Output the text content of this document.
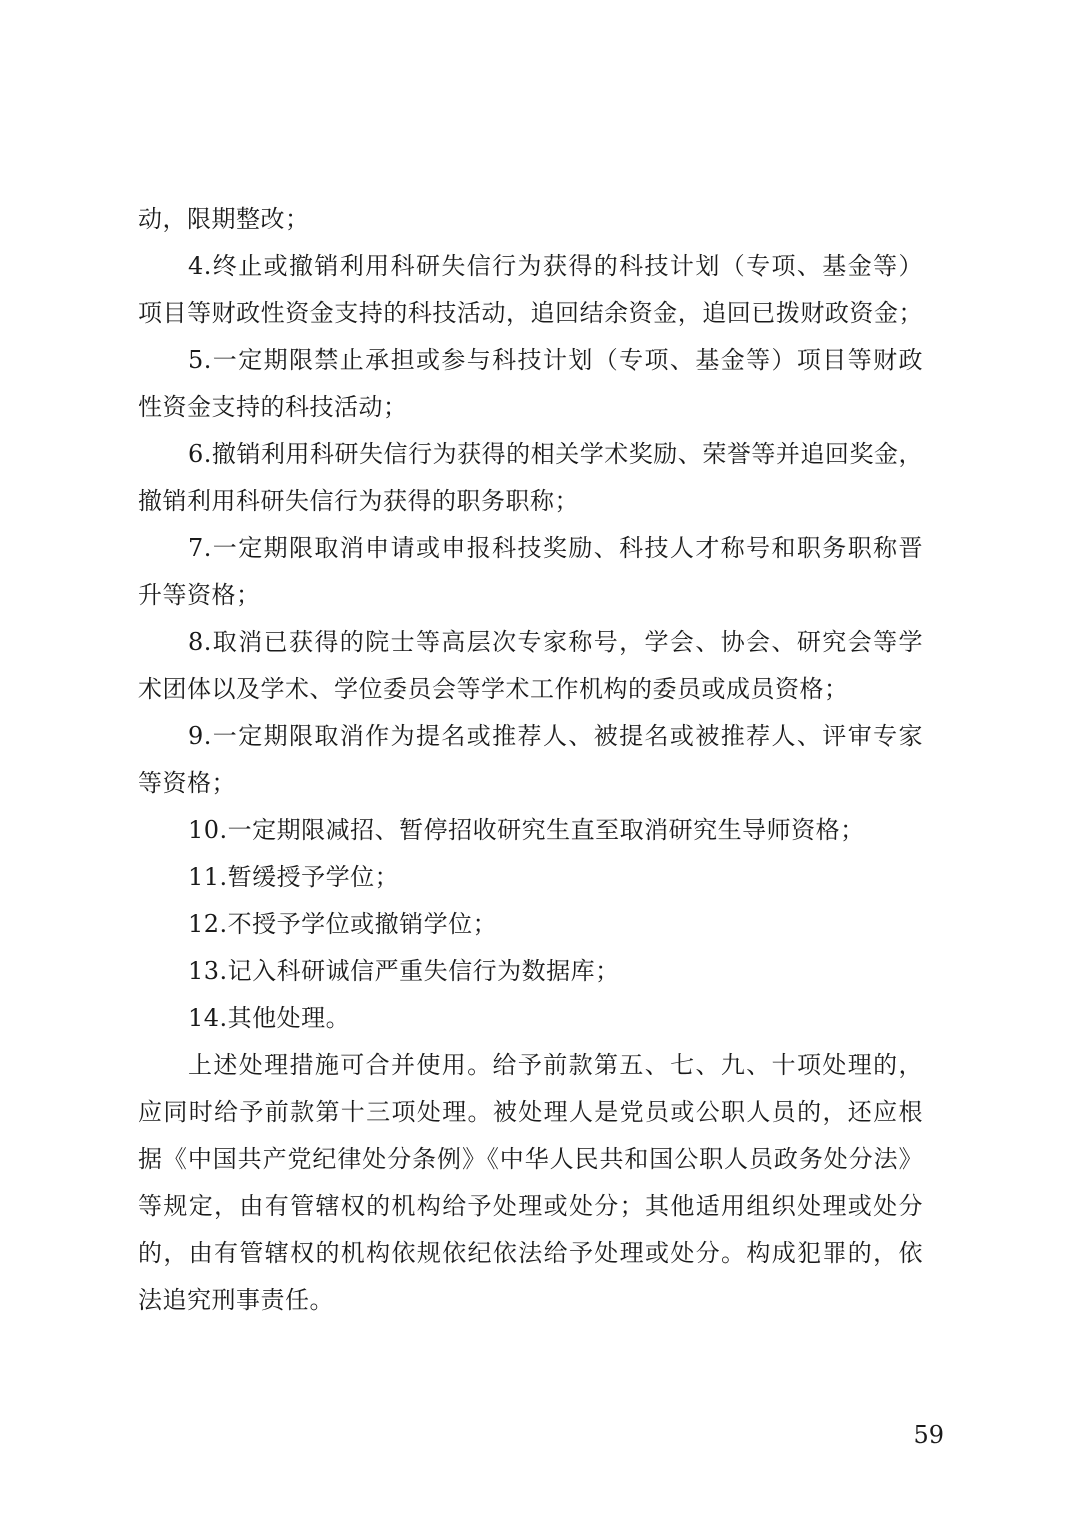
动，限期整改；
4.终止或撤销利用科研失信行为获得的科技计划（专项、基金等）
项目等财政性资金支持的科技活动，追回结余资金，追回已拨财政资金；
5.一定期限禁止承担或参与科技计划（专项、基金等）项目等财政
性资金支持的科技活动；
6.撤销利用科研失信行为获得的相关学术奖励、荣誉等并追回奖金，
撤销利用科研失信行为获得的职务职称；
7.一定期限取消申请或申报科技奖励、科技人才称号和职务职称晋
升等资格；
8.取消已获得的院士等高层次专家称号，学会、协会、研究会等学
术团体以及学术、学位委员会等学术工作机构的委员或成员资格；
9.一定期限取消作为提名或推荐人、被提名或被推荐人、评审专家
等资格；
10.一定期限减招、暂停招收研究生直至取消研究生导师资格；
11.暂缓授予学位；
12.不授予学位或撤销学位；
13.记入科研诚信严重失信行为数据库；
14.其他处理。
上述处理措施可合并使用。给予前款第五、七、九、十项处理的，
应同时给予前款第十三项处理。被处理人是党员或公职人员的，还应根
据《中国共产党纪律处分条例》《中华人民共和国公职人员政务处分法》
等规定，由有管辖权的机构给予处理或处分；其他适用组织处理或处分
的，由有管辖权的机构依规依纪依法给予处理或处分。构成犯罪的，依
法追究刑事责任。
59
